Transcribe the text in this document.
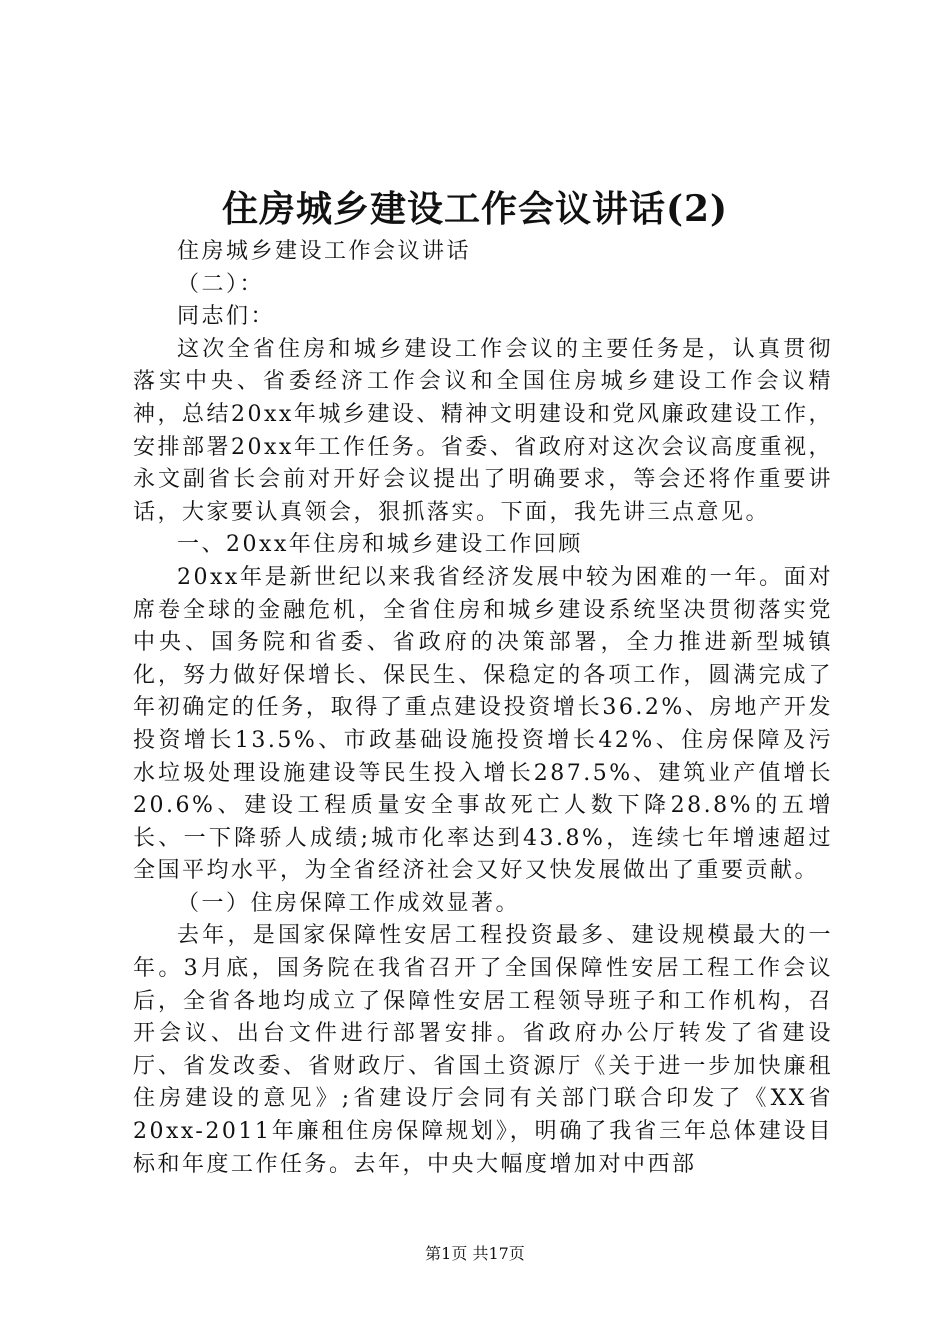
住房城乡建设工作会议讲话(2)

住房城乡建设工作会议讲话

（二）：

同志们：

这次全省住房和城乡建设工作会议的主要任务是，认真贯彻落实中央、省委经济工作会议和全国住房城乡建设工作会议精神，总结20xx年城乡建设、精神文明建设和党风廉政建设工作，安排部署20xx年工作任务。省委、省政府对这次会议高度重视，永文副省长会前对开好会议提出了明确要求，等会还将作重要讲话，大家要认真领会，狠抓落实。下面，我先讲三点意见。

一、20xx年住房和城乡建设工作回顾

20xx年是新世纪以来我省经济发展中较为困难的一年。面对席卷全球的金融危机，全省住房和城乡建设系统坚决贯彻落实党中央、国务院和省委、省政府的决策部署，全力推进新型城镇化，努力做好保增长、保民生、保稳定的各项工作，圆满完成了年初确定的任务，取得了重点建设投资增长36.2%、房地产开发投资增长13.5%、市政基础设施投资增长42%、住房保障及污水垃圾处理设施建设等民生投入增长287.5%、建筑业产值增长20.6%、建设工程质量安全事故死亡人数下降28.8%的五增长、一下降骄人成绩;城市化率达到43.8%，连续七年增速超过全国平均水平，为全省经济社会又好又快发展做出了重要贡献。

（一）住房保障工作成效显著。

去年，是国家保障性安居工程投资最多、建设规模最大的一年。3月底，国务院在我省召开了全国保障性安居工程工作会议后，全省各地均成立了保障性安居工程领导班子和工作机构，召开会议、出台文件进行部署安排。省政府办公厅转发了省建设厅、省发改委、省财政厅、省国土资源厅《关于进一步加快廉租住房建设的意见》;省建设厅会同有关部门联合印发了《XX省20xx-2011年廉租住房保障规划》，明确了我省三年总体建设目标和年度工作任务。去年，中央大幅度增加对中西部

第1页 共17页
